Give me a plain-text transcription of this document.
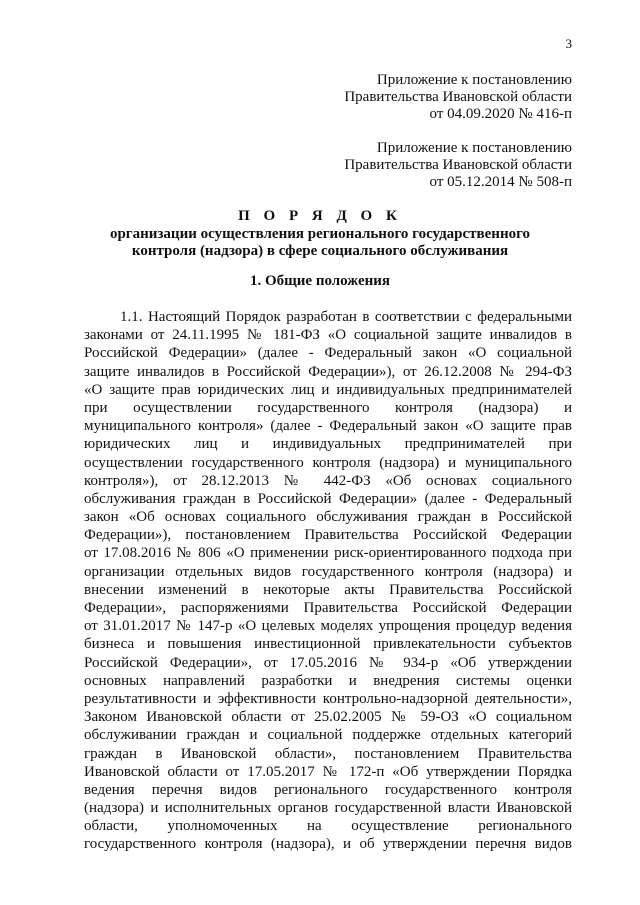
3
Приложение к постановлению
Правительства Ивановской области
от 04.09.2020 № 416-п
Приложение к постановлению
Правительства Ивановской области
от 05.12.2014 № 508-п
П О Р Я Д О К
организации осуществления регионального государственного
контроля (надзора) в сфере социального обслуживания
1. Общие положения
1.1. Настоящий Порядок разработан в соответствии с федеральными
законами от 24.11.1995 № 181-ФЗ «О социальной защите инвалидов в
Российской Федерации» (далее - Федеральный закон «О социальной
защите инвалидов в Российской Федерации»), от 26.12.2008 № 294-ФЗ
«О защите прав юридических лиц и индивидуальных предпринимателей
при осуществлении государственного контроля (надзора) и
муниципального контроля» (далее - Федеральный закон «О защите прав
юридических лиц и индивидуальных предпринимателей при
осуществлении государственного контроля (надзора) и муниципального
контроля»), от 28.12.2013 № 442-ФЗ «Об основах социального
обслуживания граждан в Российской Федерации» (далее - Федеральный
закон «Об основах социального обслуживания граждан в Российской
Федерации»), постановлением Правительства Российской Федерации
от 17.08.2016 № 806 «О применении риск-ориентированного подхода при
организации отдельных видов государственного контроля (надзора) и
внесении изменений в некоторые акты Правительства Российской
Федерации», распоряжениями Правительства Российской Федерации
от 31.01.2017 № 147-р «О целевых моделях упрощения процедур ведения
бизнеса и повышения инвестиционной привлекательности субъектов
Российской Федерации», от 17.05.2016 № 934-р «Об утверждении
основных направлений разработки и внедрения системы оценки
результативности и эффективности контрольно-надзорной деятельности»,
Законом Ивановской области от 25.02.2005 № 59-ОЗ «О социальном
обслуживании граждан и социальной поддержке отдельных категорий
граждан в Ивановской области», постановлением Правительства
Ивановской области от 17.05.2017 № 172-п «Об утверждении Порядка
ведения перечня видов регионального государственного контроля
(надзора) и исполнительных органов государственной власти Ивановской
области, уполномоченных на осуществление регионального
государственного контроля (надзора), и об утверждении перечня видов
